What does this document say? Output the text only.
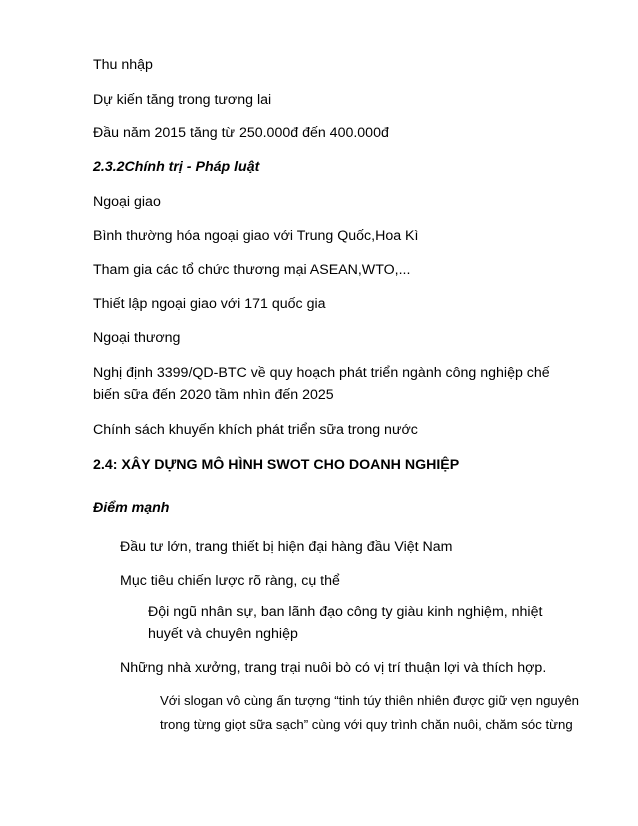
Thu nhập
Dự kiến tăng trong tương lai
Đầu năm 2015 tăng từ 250.000đ đến 400.000đ
2.3.2Chính trị - Pháp luật
Ngoại giao
Bình thường hóa ngoại giao với Trung Quốc,Hoa Kì
Tham gia các tổ chức thương mại ASEAN,WTO,...
Thiết lập ngoại giao với 171 quốc gia
Ngoại thương
Nghị định 3399/QD-BTC về quy hoạch phát triển ngành công nghiệp chế biến sữa đến 2020 tầm nhìn đến 2025
Chính sách khuyến khích phát triển sữa trong nước
2.4: XÂY DỰNG MÔ HÌNH SWOT CHO DOANH NGHIỆP
Điểm mạnh
Đầu tư lớn, trang thiết bị hiện đại hàng đầu Việt Nam
Mục tiêu chiến lược rõ ràng, cụ thể
Đội ngũ nhân sự, ban lãnh đạo công ty giàu kinh nghiệm, nhiệt huyết và chuyên nghiệp
Những nhà xưởng, trang trại nuôi bò có vị trí thuận lợi và thích hợp.
Với slogan vô cùng ấn tượng “tinh túy thiên nhiên được giữ vẹn nguyên trong từng giọt sữa sạch” cùng với quy trình chăn nuôi, chăm sóc từng
